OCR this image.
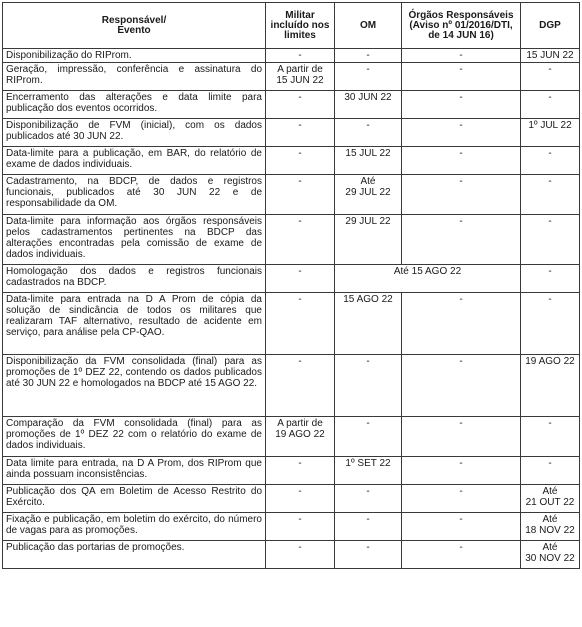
Responsável/
Evento	Militar
incluído nos
limites	OM	Órgãos Responsáveis
(Aviso nº 01/2016/DTI,
de 14 JUN 16)	DGP
Disponibilização do RIProm.	-	-	-	15 JUN 22
Geração, impressão, conferência e assinatura do RIProm.	A partir de
15 JUN 22	-	-	-
Encerramento das alterações e data limite para publicação dos eventos ocorridos.	-	30 JUN 22	-	-
Disponibilização de FVM (inicial), com os dados publicados até 30 JUN 22.	-	-	-	1º JUL 22
Data-limite para a publicação, em BAR, do relatório de exame de dados individuais.	-	15 JUL 22	-	-
Cadastramento, na BDCP, de dados e registros funcionais, publicados até 30 JUN 22 e de responsabilidade da OM.	-	Até
29 JUL 22	-	-
Data-limite para informação aos órgãos responsáveis pelos cadastramentos pertinentes na BDCP das alterações encontradas pela comissão de exame de dados individuais.	-	29 JUL 22	-	-
Homologação dos dados e registros funcionais cadastrados na BDCP.	-	Até 15 AGO 22		-
Data-limite para entrada na D A Prom de cópia da solução de sindicância de todos os militares que realizaram TAF alternativo, resultado de acidente em serviço, para análise pela CP-QAO.	-	15 AGO 22	-	-
Disponibilização da FVM consolidada (final) para as promoções de 1º DEZ 22, contendo os dados publicados até 30 JUN 22 e homologados na BDCP até 15 AGO 22.	-	-	-	19 AGO 22
Comparação da FVM consolidada (final) para as promoções de 1º DEZ 22 com o relatório do exame de dados individuais.	A partir de
19 AGO 22	-	-	-
Data limite para entrada, na D A Prom, dos RIProm que ainda possuam inconsistências.	-	1º SET 22	-	-
Publicação dos QA em Boletim de Acesso Restrito do Exército.	-	-	-	Até
21 OUT 22
Fixação e publicação, em boletim do exército, do número de vagas para as promoções.	-	-	-	Até
18 NOV 22
Publicação das portarias de promoções.	-	-	-	Até
30 NOV 22
